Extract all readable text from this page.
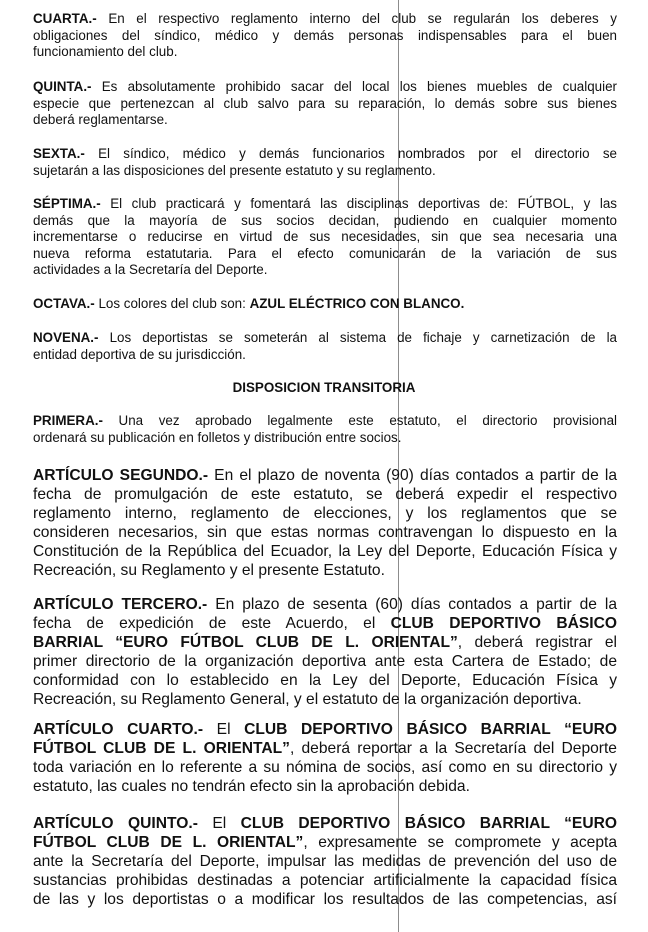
CUARTA.- En el respectivo reglamento interno del club se regularán los deberes y
obligaciones del síndico, médico y demás personas indispensables para el buen
funcionamiento del club.

QUINTA.- Es absolutamente prohibido sacar del local los bienes muebles de cualquier
especie que pertenezcan al club salvo para su reparación, lo demás sobre sus bienes
deberá reglamentarse.

SEXTA.- El síndico, médico y demás funcionarios nombrados por el directorio se
sujetarán a las disposiciones del presente estatuto y su reglamento.

SÉPTIMA.- El club practicará y fomentará las disciplinas deportivas de: FÚTBOL, y las
demás que la mayoría de sus socios decidan, pudiendo en cualquier momento
incrementarse o reducirse en virtud de sus necesidades, sin que sea necesaria una
nueva reforma estatutaria. Para el efecto comunicarán de la variación de sus
actividades a la Secretaría del Deporte.

OCTAVA.- Los colores del club son: AZUL ELÉCTRICO CON BLANCO.

NOVENA.- Los deportistas se someterán al sistema de fichaje y carnetización de la
entidad deportiva de su jurisdicción.

DISPOSICION TRANSITORIA

PRIMERA.- Una vez aprobado legalmente este estatuto, el directorio provisional
ordenará su publicación en folletos y distribución entre socios.

ARTÍCULO SEGUNDO.- En el plazo de noventa (90) días contados a partir de la
fecha de promulgación de este estatuto, se deberá expedir el respectivo
reglamento interno, reglamento de elecciones, y los reglamentos que se
consideren necesarios, sin que estas normas contravengan lo dispuesto en la
Constitución de la República del Ecuador, la Ley del Deporte, Educación Física y
Recreación, su Reglamento y el presente Estatuto.

ARTÍCULO TERCERO.- En plazo de sesenta (60) días contados a partir de la
fecha de expedición de este Acuerdo, el CLUB DEPORTIVO BÁSICO
BARRIAL “EURO FÚTBOL CLUB DE L. ORIENTAL”, deberá registrar el
primer directorio de la organización deportiva ante esta Cartera de Estado; de
conformidad con lo establecido en la Ley del Deporte, Educación Física y
Recreación, su Reglamento General, y el estatuto de la organización deportiva.

ARTÍCULO CUARTO.- El CLUB DEPORTIVO BÁSICO BARRIAL “EURO
FÚTBOL CLUB DE L. ORIENTAL”, deberá reportar a la Secretaría del Deporte
toda variación en lo referente a su nómina de socios, así como en su directorio y
estatuto, las cuales no tendrán efecto sin la aprobación debida.

ARTÍCULO QUINTO.- El CLUB DEPORTIVO BÁSICO BARRIAL “EURO
FÚTBOL CLUB DE L. ORIENTAL”, expresamente se compromete y acepta
ante la Secretaría del Deporte, impulsar las medidas de prevención del uso de
sustancias prohibidas destinadas a potenciar artificialmente la capacidad física
de las y los deportistas o a modificar los resultados de las competencias, así
